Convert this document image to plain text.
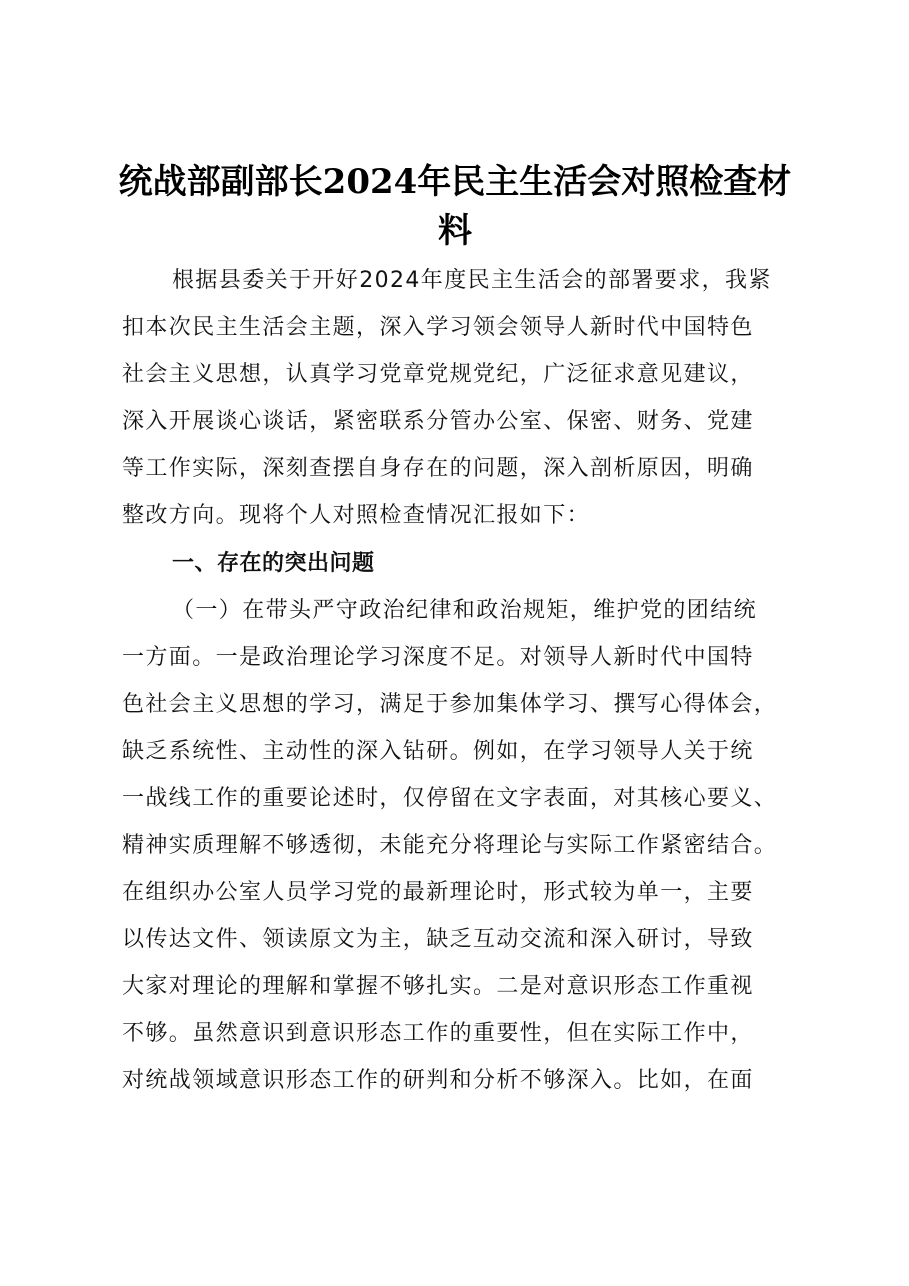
统战部副部长2024年民主生活会对照检查材
料
根据县委关于开好2024年度民主生活会的部署要求，我紧
扣本次民主生活会主题，深入学习领会领导人新时代中国特色
社会主义思想，认真学习党章党规党纪，广泛征求意见建议，
深入开展谈心谈话，紧密联系分管办公室、保密、财务、党建
等工作实际，深刻查摆自身存在的问题，深入剖析原因，明确
整改方向。现将个人对照检查情况汇报如下：
一、存在的突出问题
（一）在带头严守政治纪律和政治规矩，维护党的团结统
一方面。一是政治理论学习深度不足。对领导人新时代中国特
色社会主义思想的学习，满足于参加集体学习、撰写心得体会，
缺乏系统性、主动性的深入钻研。例如，在学习领导人关于统
一战线工作的重要论述时，仅停留在文字表面，对其核心要义、
精神实质理解不够透彻，未能充分将理论与实际工作紧密结合。
在组织办公室人员学习党的最新理论时，形式较为单一，主要
以传达文件、领读原文为主，缺乏互动交流和深入研讨，导致
大家对理论的理解和掌握不够扎实。二是对意识形态工作重视
不够。虽然意识到意识形态工作的重要性，但在实际工作中，
对统战领域意识形态工作的研判和分析不够深入。比如，在面
